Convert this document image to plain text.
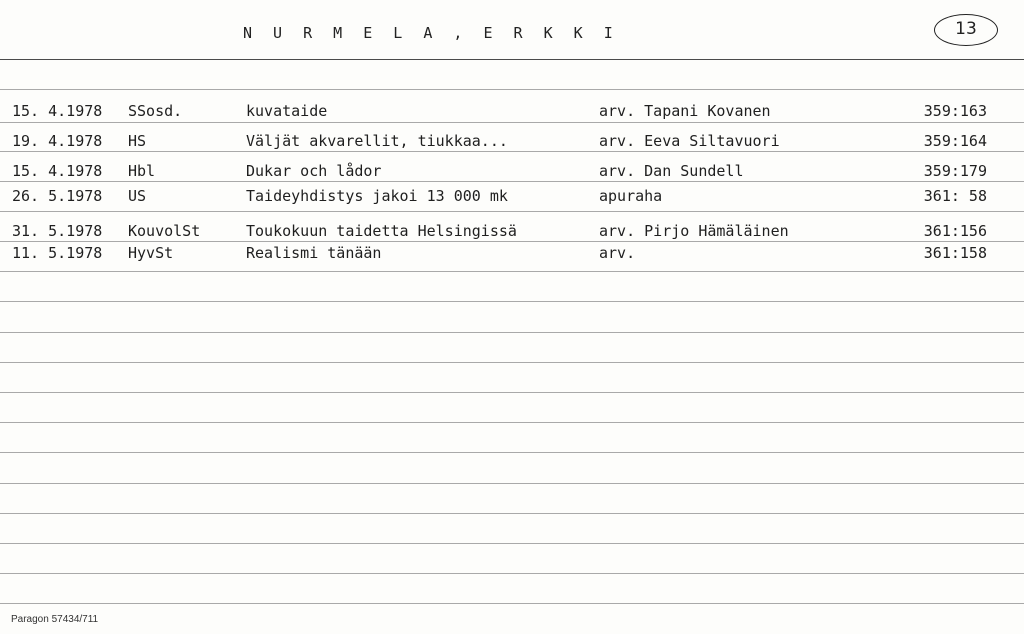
N U R M E L A , E R K K I	13
15. 4.1978 SSosd.	kuvataide	arv. Tapani Kovanen	359:163
19. 4.1978 HS	Väljät akvarellit, tiukkaa...	arv. Eeva Siltavuori	359:164
15. 4.1978 Hbl	Dukar och lådor	arv. Dan Sundell	359:179
26. 5.1978 US	Taideyhdistys jakoi 13 000 mk	apuraha	361: 58
31. 5.1978 KouvolSt	Toukokuun taidetta Helsingissä	arv. Pirjo Hämäläinen	361:156
11. 5.1978 HyvSt	Realismi tänään	arv.	361:158
Paragon 57434/711
